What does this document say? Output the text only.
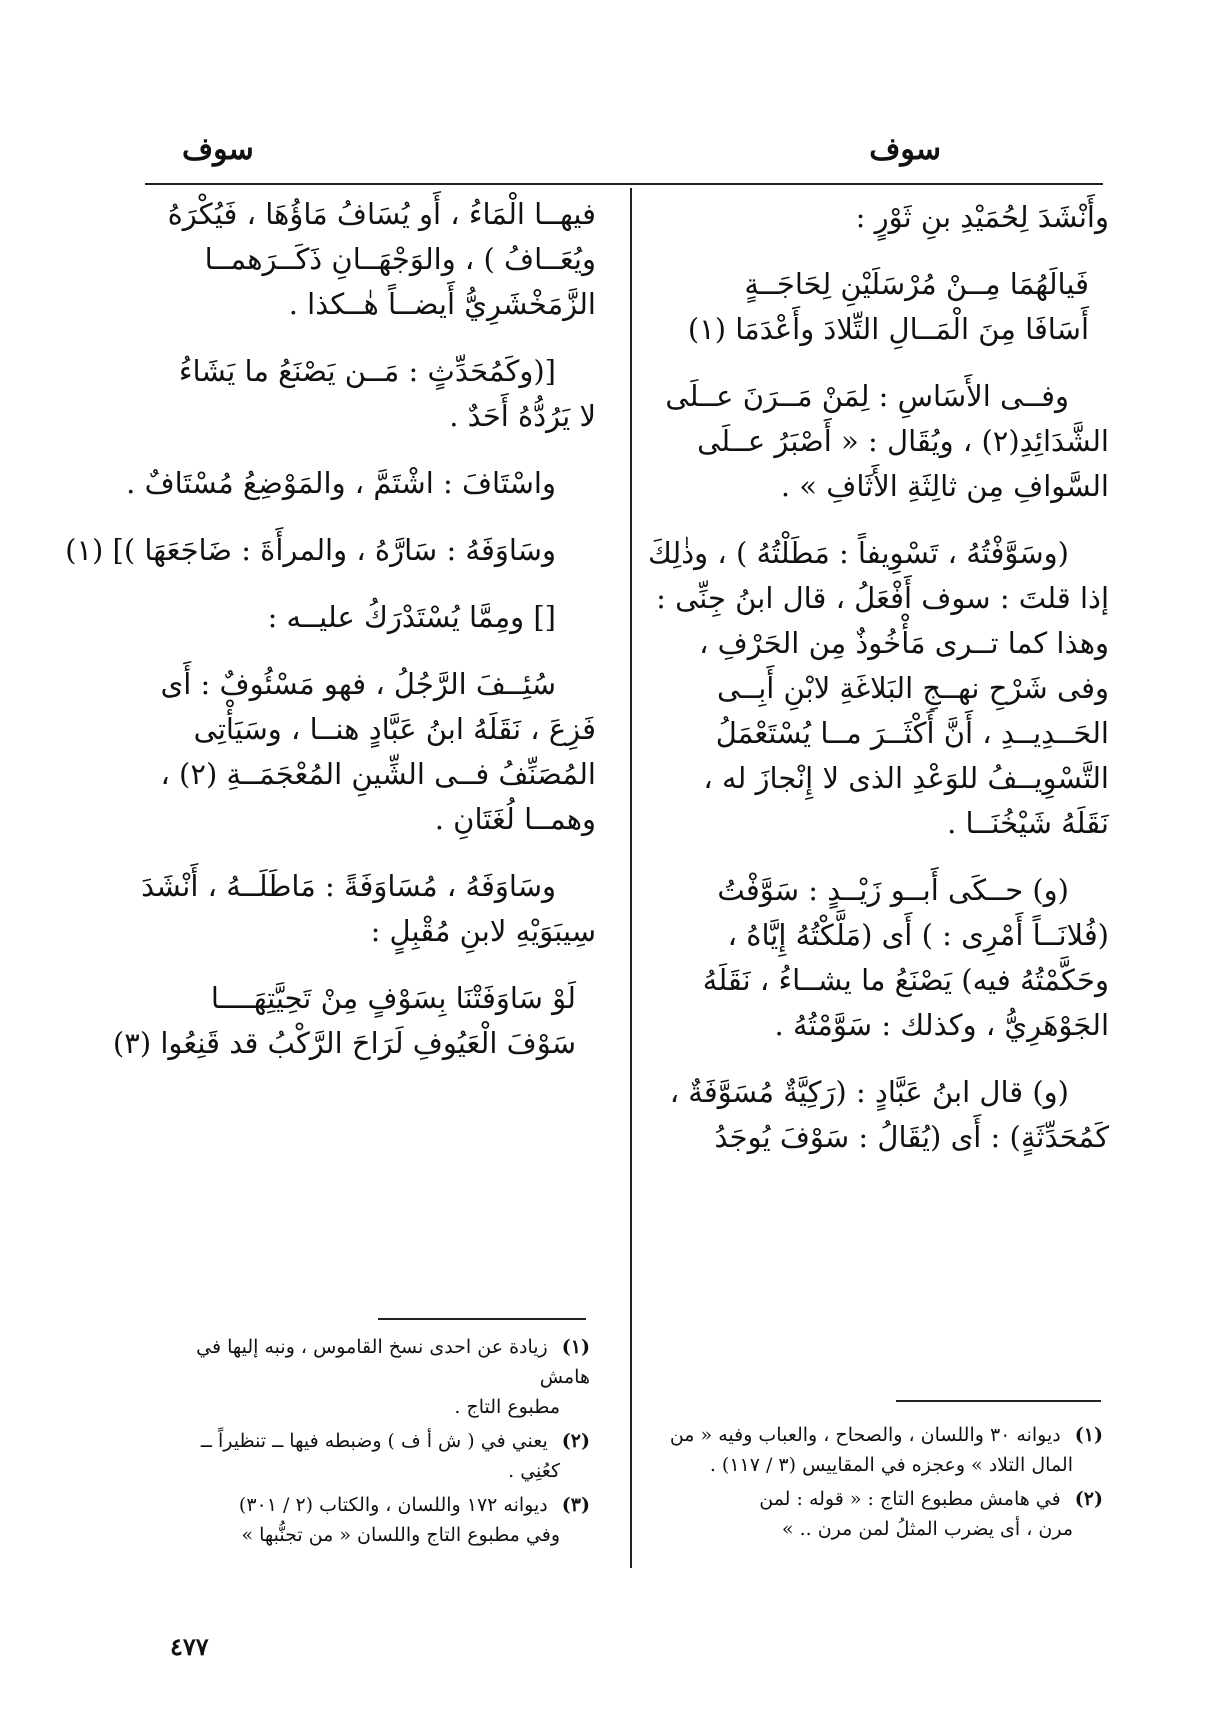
سوف
سوف
وأَنْشَدَ لِحُمَيْدِ بنِ ثَوْرٍ :
فَيالَهُمَا مِــنْ مُرْسَلَيْنِ لِحَاجَــةٍ
أَسَافَا مِنَ الْمَــالِ التِّلادَ وأَعْدَمَا (١)
وفــى الأَسَاسِ : لِمَنْ مَــرَنَ عــلَى
الشَّدَائِدِ(٢) ، ويُقَال : « أَصْبَرُ عــلَى
السَّوافِ مِن ثالِثَةِ الأَثَافِ » .
(وسَوَّفْتُهُ ، تَسْوِيفاً : مَطَلْتُهُ ) ، وذٰلِكَ
إذا قلتَ : سوف أَفْعَلُ ، قال ابنُ جِنِّى :
وهذا كما تــرى مَأْخُوذٌ مِن الحَرْفِ ،
وفى شَرْحِ نهــجِ البَلاغَةِ لابْنِ أَبِــى
الحَــدِيــدِ ، أَنَّ أَكْثَــرَ مــا يُسْتَعْمَلُ
التَّسْوِيــفُ للوَعْدِ الذى لا إِنْجازَ له ،
نَقَلَهُ شَيْخُنَــا .
(و) حــكَى أَبــو زَيْــدٍ : سَوَّفْتُ
(فُلانَــاً أَمْرِى : ) أَى (مَلَّكْتُهُ إِيَّاهُ ،
وحَكَّمْتُهُ فيه) يَصْنَعُ ما يشــاءُ ، نَقَلَهُ
الجَوْهَرِيُّ ، وكذلك : سَوَّمْتُهُ .
(و) قال ابنُ عَبَّادٍ : (رَكِيَّةٌ مُسَوَّفَةٌ ،
كَمُحَدِّثَةٍ) : أَى (يُقَالُ : سَوْفَ يُوجَدُ
فيهــا الْمَاءُ ، أَو يُسَافُ مَاؤُهَا ، فَيُكْرَهُ
ويُعَــافُ ) ، والوَجْهَــانِ ذَكَــرَهمــا
الزَّمَخْشَرِيُّ أَيضــاً هٰــكذا .
[(وكَمُحَدِّثٍ : مَــن يَصْنَعُ ما يَشَاءُ
لا يَرُدُّهُ أَحَدٌ .
واسْتَافَ : اشْتَمَّ ، والمَوْضِعُ مُسْتَافٌ .
وسَاوَفَهُ : سَارَّهُ ، والمرأَةَ : ضَاجَعَهَا )] (١)
[] ومِمَّا يُسْتَدْرَكُ عليــه :
سُئِــفَ الرَّجُلُ ، فهو مَسْئُوفٌ : أَى
فَزِعَ ، نَقَلَهُ ابنُ عَبَّادٍ هنــا ، وسَيَأْتِى
المُصَنِّفُ فــى الشِّينِ المُعْجَمَــةِ (٢) ،
وهمــا لُغَتَانِ .
وسَاوَفَهُ ، مُسَاوَفَةً : مَاطَلَــهُ ، أَنْشَدَ
سِيبَوَيْهِ لابنِ مُقْبِلٍ :
لَوْ سَاوَفَتْنَا بِسَوْفٍ مِنْ تَحِيَّتِهَــــا
سَوْفَ الْعَيُوفِ لَرَاحَ الرَّكْبُ قد قَنِعُوا (٣)
(١) ديوانه ٣٠ واللسان ، والصحاح ، والعباب وفيه « من
المال التلاد » وعجزه في المقاييس (٣ / ١١٧) .
(٢) في هامش مطبوع التاج : « قوله : لمن
مرن ، أى يضرب المثلُ لمن مرن .. »
(١) زيادة عن احدى نسخ القاموس ، ونبه إليها في هامش
مطبوع التاج .
(٢) يعني في ( ش أ ف ) وضبطه فيها ــ تنظيراً ــ
كعُنِي .
(٣) ديوانه ١٧٢ واللسان ، والكتاب (٢ / ٣٠١)
وفي مطبوع التاج واللسان « من تجنُّبها »
٤٧٧
